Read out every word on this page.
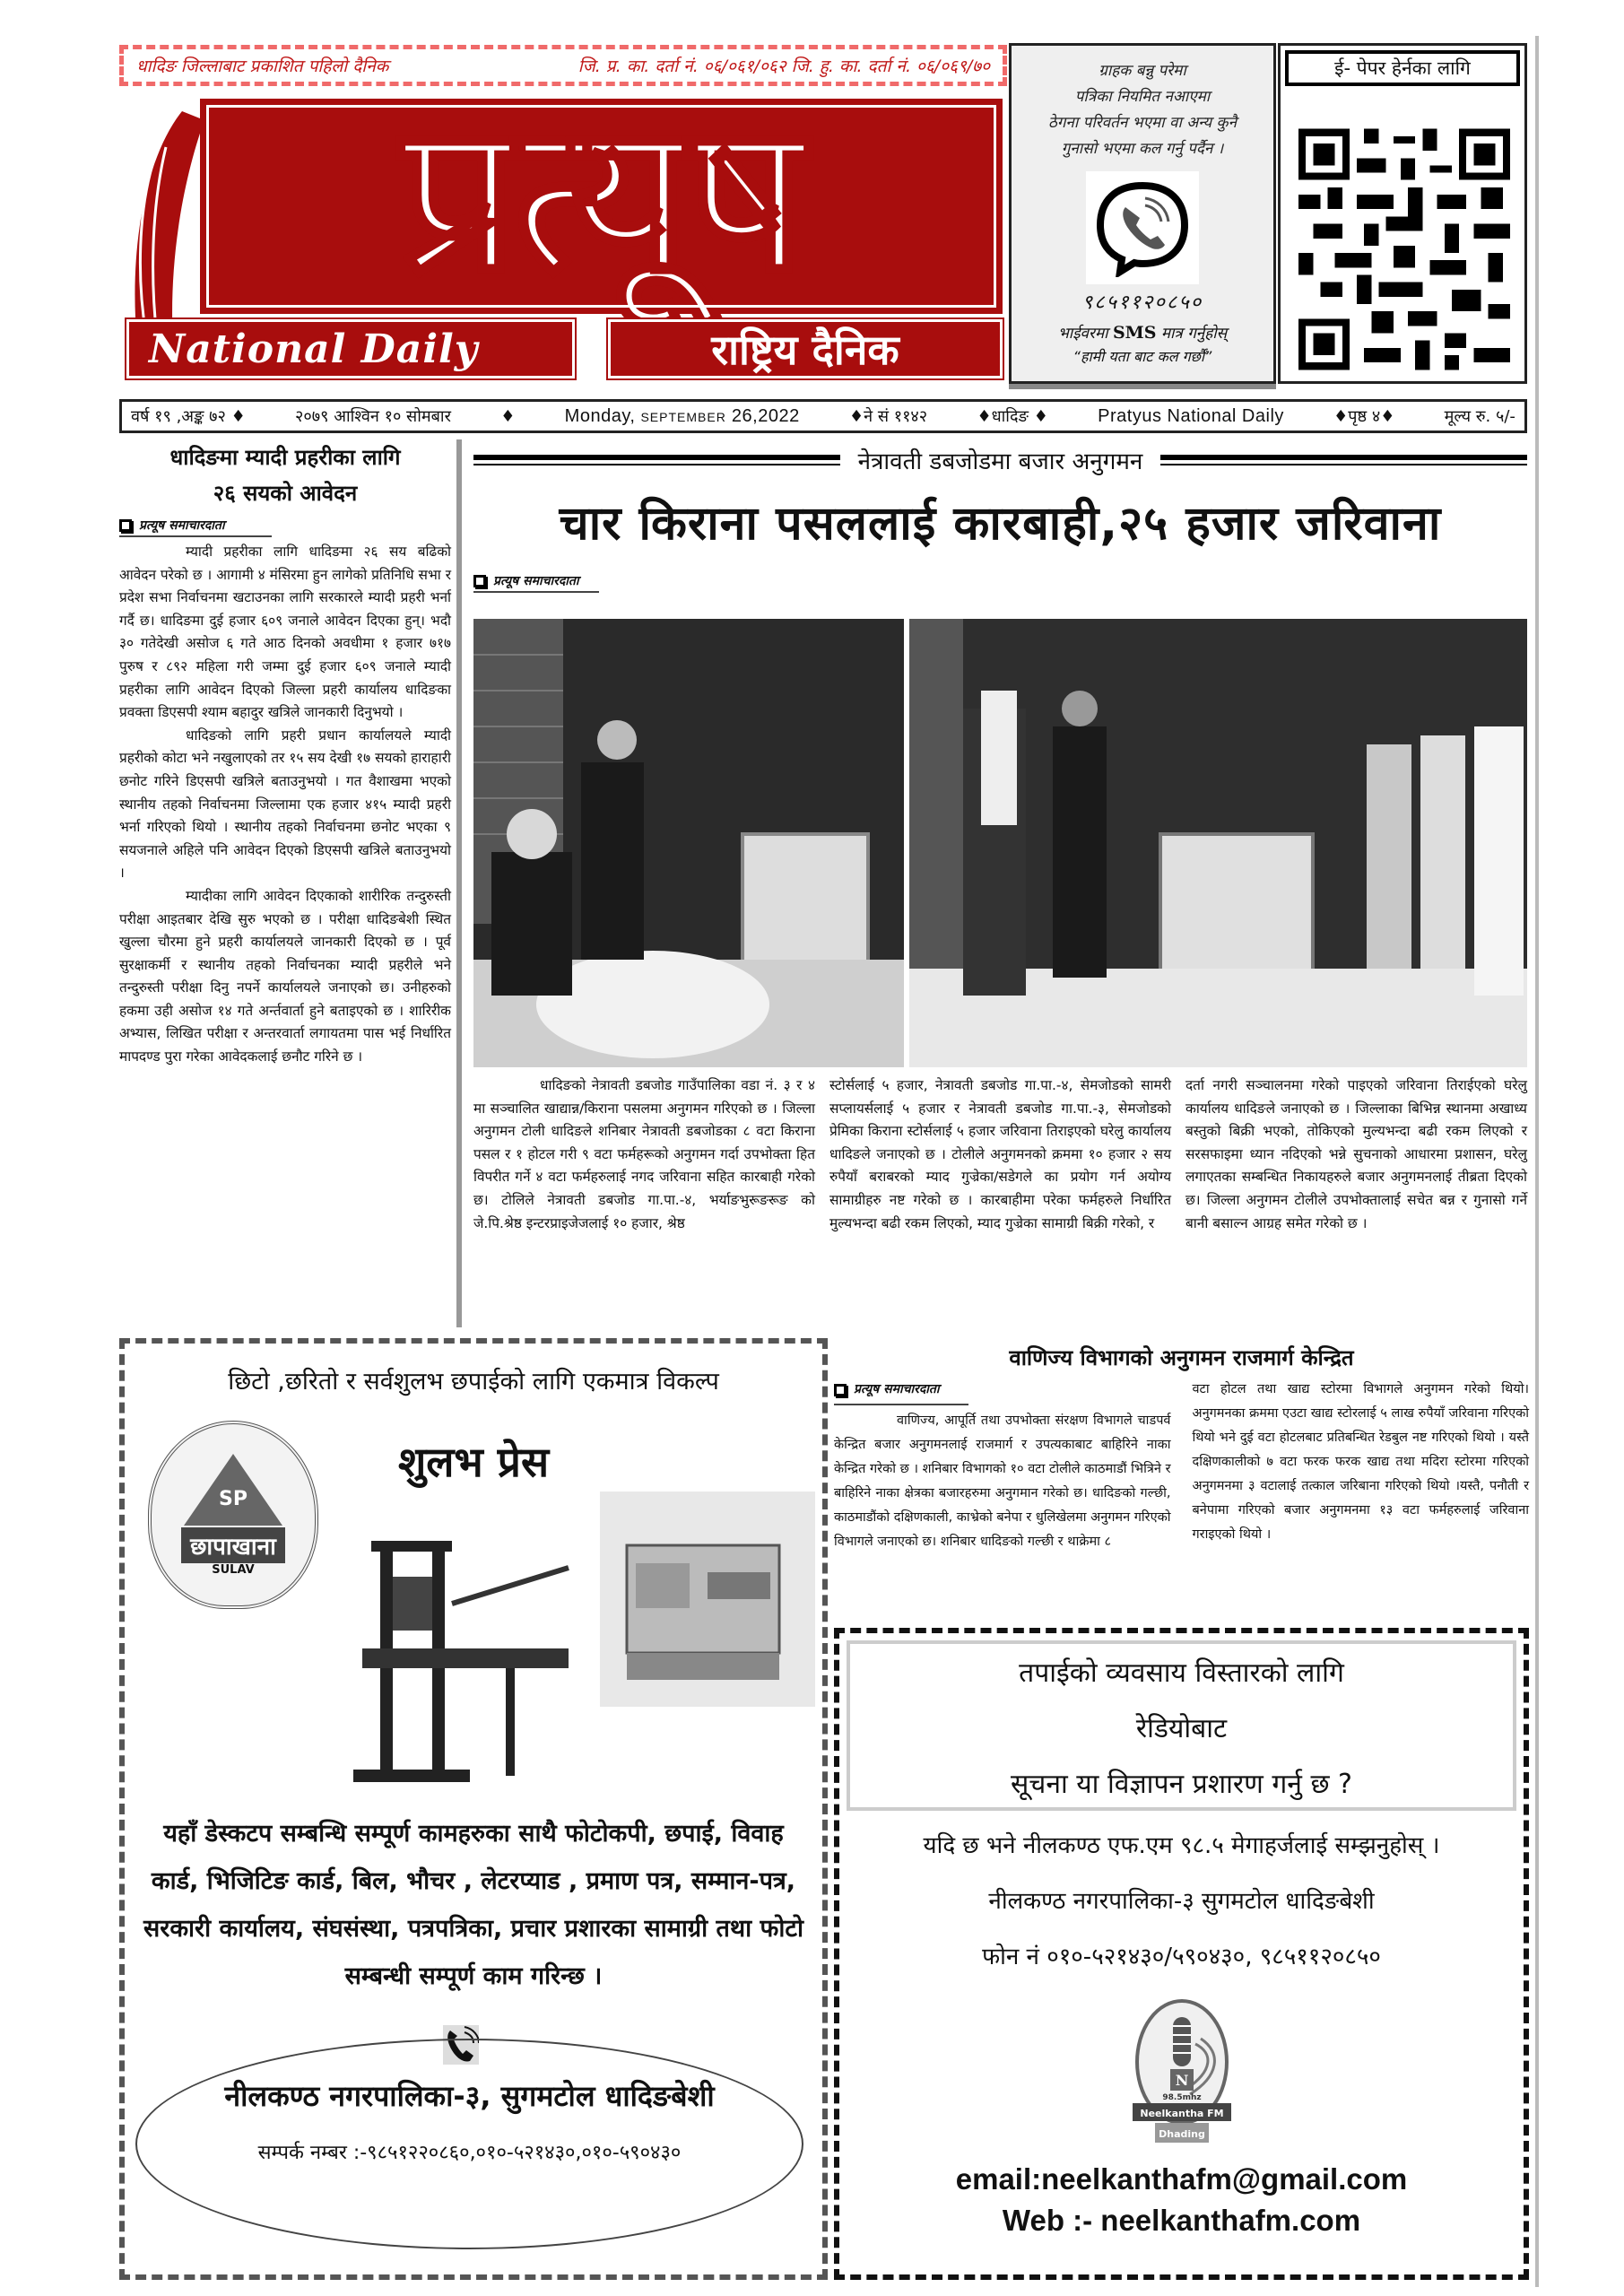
धादिङ जिल्लाबाट प्रकाशित पहिलो दैनिक	जि. प्र. का. दर्ता नं. ०६/०६१/०६२ जि. हु. का. दर्ता नं. ०६/०६९/७०
प्रत्यूष
National Daily	राष्ट्रिय दैनिक
ग्राहक बन्नु परेमा
पत्रिका नियमित नआएमा
ठेगना परिवर्तन भएमा वा अन्य कुनै
गुनासो भएमा कल गर्नु पर्दैन ।
९८५११२०८५०
भाईवरमा SMS मात्र गर्नुहोस्
“हामी यता बाट कल गर्छौं”
ई- पेपर हेर्नका लागि
वर्ष १९ ,अङ्क ७२ ♦	२०७९ आश्विन १० सोमबार	♦	Monday, SEPTEMBER 26,2022	♦ने सं ११४२	♦धादिङ ♦	Pratyus National Daily	♦पृष्ठ ४♦	मूल्य रु. ५/-
धादिङमा म्यादी प्रहरीका लागि
२६ सयको आवेदन
प्रत्यूष समाचारदाता

म्यादी प्रहरीका लागि धादिङमा २६ सय बढिको आवेदन परेको छ । आगामी ४ मंसिरमा हुन लागेको प्रतिनिधि सभा र प्रदेश सभा निर्वाचनमा खटाउनका लागि सरकारले म्यादी प्रहरी भर्ना गर्दै छ। धादिङमा दुई हजार ६०९ जनाले आवेदन दिएका हुन्। भदौ ३० गतेदेखी असोज ६ गते आठ दिनको अवधीमा १ हजार ७१७ पुरुष र ८९२ महिला गरी जम्मा दुई हजार ६०९ जनाले म्यादी प्रहरीका लागि आवेदन दिएको जिल्ला प्रहरी कार्यालय धादिङका प्रवक्ता डिएसपी श्याम बहादुर खत्रिले जानकारी दिनुभयो ।

धादिङको लागि प्रहरी प्रधान कार्यालयले म्यादी प्रहरीको कोटा भने नखुलाएको तर १५ सय देखी १७ सयको हाराहारी छनोट गरिने डिएसपी खत्रिले बताउनुभयो । गत वैशाखमा भएको स्थानीय तहको निर्वाचनमा जिल्लामा एक हजार ४१५ म्यादी प्रहरी भर्ना गरिएको थियो । स्थानीय तहको निर्वाचनमा छनोट भएका ९ सयजनाले अहिले पनि आवेदन दिएको डिएसपी खत्रिले बताउनुभयो ।

म्यादीका लागि आवेदन दिएकाको शारीरिक तन्दुरुस्ती परीक्षा आइतबार देखि सुरु भएको छ । परीक्षा धादिङबेशी स्थित खुल्ला चौरमा हुने प्रहरी कार्यालयले जानकारी दिएको छ । पूर्व सुरक्षाकर्मी र स्थानीय तहको निर्वाचनका म्यादी प्रहरीले भने तन्दुरुस्ती परीक्षा दिनु नपर्ने कार्यालयले जनाएको छ। उनीहरुको हकमा उही असोज १४ गते अर्न्तवार्ता हुने बताइएको छ । शारिरीक अभ्यास, लिखित परीक्षा र अन्तरवार्ता लगायतमा पास भई निर्धारित मापदण्ड पुरा गरेका आवेदकलाई छनौट गरिने छ ।

नेत्रावती डबजोडमा बजार अनुगमन
चार किराना पसललाई कारबाही,२५ हजार जरिवाना
प्रत्यूष समाचारदाता

धादिङको नेत्रावती डबजोड गाउँपालिका वडा नं. ३ र ४ मा सञ्चालित खाद्यान्न/किराना पसलमा अनुगमन गरिएको छ । जिल्ला अनुगमन टोली धादिङले शनिबार नेत्रावती डबजोडका ८ वटा किराना पसल र १ होटल गरी ९ वटा फर्महरूको अनुगमन गर्दा उपभोक्ता हित विपरीत गर्ने ४ वटा फर्महरुलाई नगद जरिवाना सहित कारबाही गरेको छ। टोलिले नेत्रावती डबजोड गा.पा.-४, भर्याङभुरूङरूङ को जे.पि.श्रेष्ठ इन्टरप्राइजेजलाई १० हजार, श्रेष्ठ

स्टोर्सलाई ५ हजार, नेत्रावती डबजोड गा.पा.-४, सेमजोडको सामरी सप्लायर्सलाई ५ हजार र नेत्रावती डबजोड गा.पा.-३, सेमजोडको प्रेमिका किराना स्टोर्सलाई ५ हजार जरिवाना तिराइएको घरेलु कार्यालय धादिङले जनाएको छ । टोलीले अनुगमनको क्रममा १० हजार २ सय रुपैयाँ बराबरको म्याद गुज्रेका/सडेगले का प्रयोग गर्न अयोग्य सामाग्रीहरु नष्ट गरेको छ । कारबाहीमा परेका फर्महरुले निर्धारित मुल्यभन्दा बढी रकम लिएको, म्याद गुज्रेका सामाग्री बिक्री गरेको, र

दर्ता नगरी सञ्चालनमा गरेको पाइएको जरिवाना तिराईएको घरेलु कार्यालय धादिङले जनाएको छ । जिल्लाका बिभिन्न स्थानमा अखाध्य बस्तुको बिक्री भएको, तोकिएको मुल्यभन्दा बढी रकम लिएको र सरसफाइमा ध्यान नदिएको भन्ने सुचनाको आधारमा प्रशासन, घरेलु लगाएतका सम्बन्धित निकायहरुले बजार अनुगमनलाई तीब्रता दिएको छ। जिल्ला अनुगमन टोलीले उपभोक्तालाई सचेत बन्न र गुनासो गर्ने बानी बसाल्न आग्रह समेत गरेको छ ।

छिटो ,छरितो र सर्वशुलभ छपाईको लागि एकमात्र विकल्प
शुलभ प्रेस
SP
छापाखाना
SULAV
यहाँ डेस्कटप सम्बन्धि सम्पूर्ण कामहरुका साथै फोटोकपी, छपाई, विवाह कार्ड, भिजिटिङ कार्ड, बिल, भौचर , लेटरप्याड , प्रमाण पत्र, सम्मान-पत्र, सरकारी कार्यालय, संघसंस्था, पत्रपत्रिका, प्रचार प्रशारका सामाग्री तथा फोटो सम्बन्धी सम्पूर्ण काम गरिन्छ ।
नीलकण्ठ नगरपालिका-३, सुगमटोल धादिङबेशी
सम्पर्क नम्बर :-९८५१२२०८६०,०१०-५२१४३०,०१०-५९०४३०
वाणिज्य विभागको अनुगमन राजमार्ग केन्द्रित
प्रत्यूष समाचारदाता

वाणिज्य, आपूर्ति तथा उपभोक्ता संरक्षण विभागले चाडपर्व केन्द्रित बजार अनुगमनलाई राजमार्ग र उपत्यकाबाट बाहिरिने नाका केन्द्रित गरेको छ । शनिबार विभागको १० वटा टोलीले काठमाडौं भित्रिने र बाहिरिने नाका क्षेत्रका बजारहरुमा अनुगमान गरेको छ। धादिङको गल्छी, काठमाडौंको दक्षिणकाली, काभ्रेको बनेपा र धुलिखेलमा अनुगमन गरिएको विभागले जनाएको छ। शनिबार धादिङको गल्छी र थाक्रेमा ८

वटा होटल तथा खाद्य स्टोरमा विभागले अनुगमन गरेको थियो। अनुगमनका क्रममा एउटा खाद्य स्टोरलाई ५ लाख रुपैयाँ जरिवाना गरिएको थियो भने दुई वटा होटलबाट प्रतिबन्धित रेडबुल नष्ट गरिएको थियो । यस्तै दक्षिणकालीको ७ वटा फरक फरक खाद्य तथा मदिरा स्टोरमा गरिएको अनुगमनमा ३ वटालाई तत्काल जरिबाना गरिएको थियो ।यस्तै, पनौती र बनेपामा गरिएको बजार अनुगमनमा १३ वटा फर्महरुलाई जरिवाना गराइएको थियो ।

तपाईको व्यवसाय विस्तारको लागि
रेडियोबाट
सूचना या विज्ञापन प्रशारण गर्नु छ ?
यदि छ भने नीलकण्ठ एफ.एम ९८.५ मेगाहर्जलाई सम्झनुहोस् ।
नीलकण्ठ नगरपालिका-३ सुगमटोल धादिङबेशी
फोन नं ०१०-५२१४३०/५९०४३०, ९८५११२०८५०
N
98.5mhz
Neelkantha FM
Dhading
email:neelkanthafm@gmail.com
Web :- neelkanthafm.com
